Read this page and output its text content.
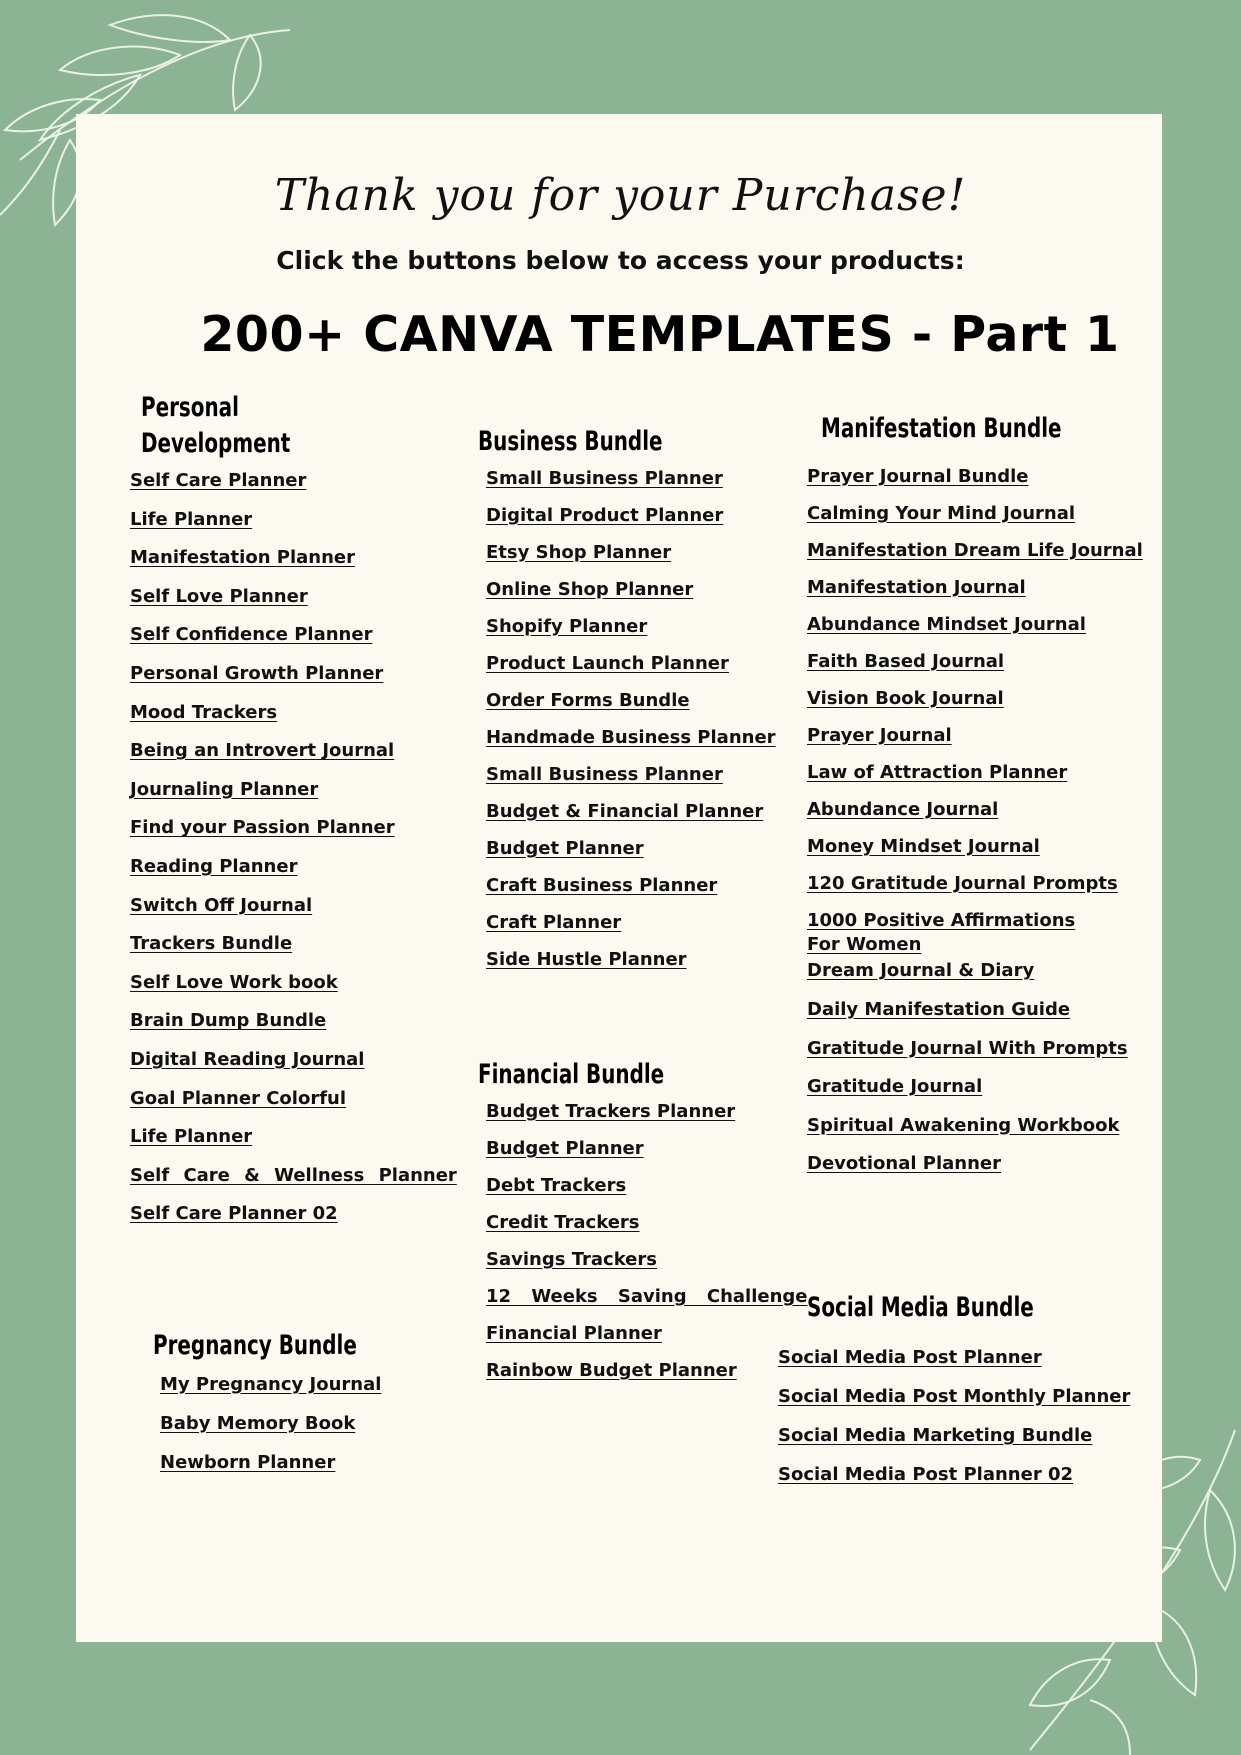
Thank you for your Purchase!
Click the buttons below to access your products:
200+ CANVA TEMPLATES - Part 1
Personal
Development
Self Care Planner
Life Planner
Manifestation Planner
Self Love Planner
Self Confidence Planner
Personal Growth Planner
Mood Trackers
Being an Introvert Journal
Journaling Planner
Find your Passion Planner
Reading Planner
Switch Off Journal
Trackers Bundle
Self Love Work book
Brain Dump Bundle
Digital Reading Journal
Goal Planner Colorful
Life Planner
Self Care & Wellness Planner
Self Care Planner 02
Business Bundle
Small Business Planner
Digital Product Planner
Etsy Shop Planner
Online Shop Planner
Shopify Planner
Product Launch Planner
Order Forms Bundle
Handmade Business Planner
Small Business Planner
Budget & Financial Planner
Budget Planner
Craft Business Planner
Craft Planner
Side Hustle Planner
Manifestation Bundle
Prayer Journal Bundle
Calming Your Mind Journal
Manifestation Dream Life Journal
Manifestation Journal
Abundance Mindset Journal
Faith Based Journal
Vision Book Journal
Prayer Journal
Law of Attraction Planner
Abundance Journal
Money Mindset Journal
120 Gratitude Journal Prompts
1000 Positive Affirmations
For Women
Dream Journal & Diary
Daily Manifestation Guide
Gratitude Journal With Prompts
Gratitude Journal
Spiritual Awakening Workbook
Devotional Planner
Financial Bundle
Budget Trackers Planner
Budget Planner
Debt Trackers
Credit Trackers
Savings Trackers
12 Weeks Saving Challenge
Financial Planner
Rainbow Budget Planner
Pregnancy Bundle
My Pregnancy Journal
Baby Memory Book
Newborn Planner
Social Media Bundle
Social Media Post Planner
Social Media Post Monthly Planner
Social Media Marketing Bundle
Social Media Post Planner 02
